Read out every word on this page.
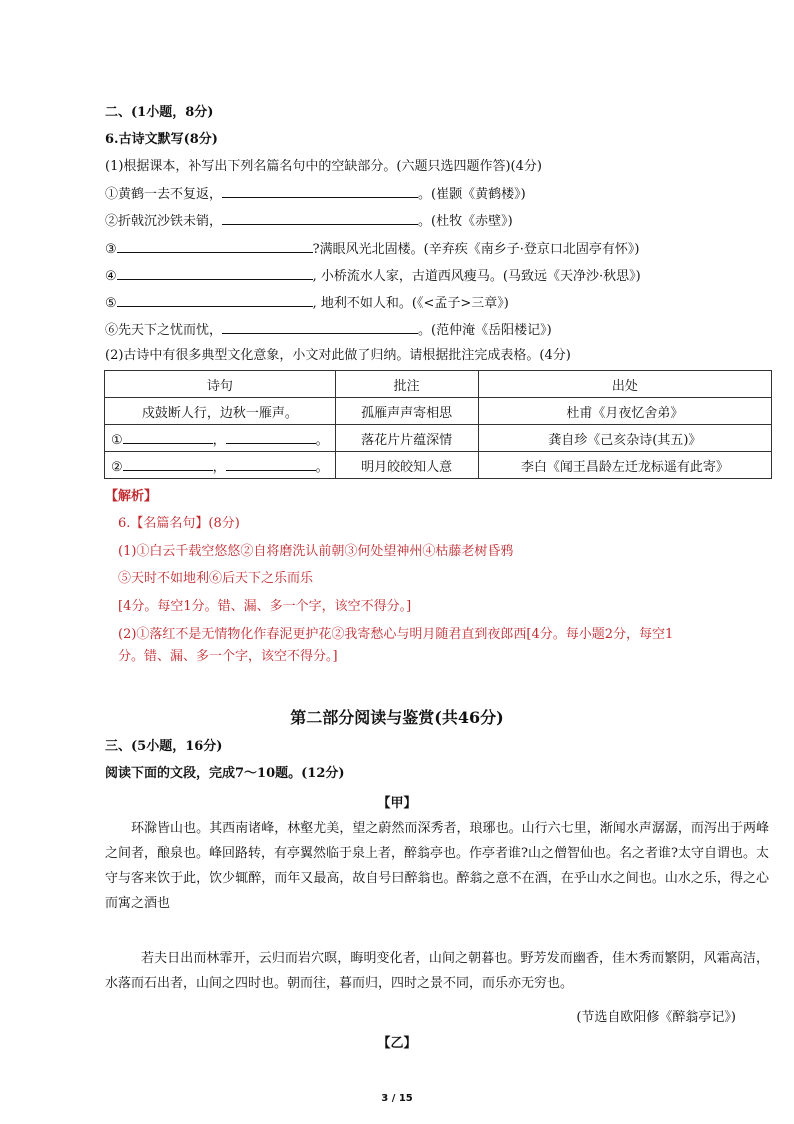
二、(1小题，8分)
6.古诗文默写(8分)
(1)根据课本，补写出下列名篇名句中的空缺部分。(六题只选四题作答)(4分)
①黄鹤一去不复返，	。(崔颢《黄鹤楼》)
②折戟沉沙铁未销，	。(杜牧《赤壁》)
③	?满眼风光北固楼。(辛弃疾《南乡子·登京口北固亭有怀》)
④	, 小桥流水人家，古道西风瘦马。(马致远《天净沙·秋思》)
⑤	, 地利不如人和。(《<孟子>三章》)
⑥先天下之忧而忧，	。(范仲淹《岳阳楼记》)
(2)古诗中有很多典型文化意象，小文对此做了归纳。请根据批注完成表格。(4分)
诗句	批注	出处
戍鼓断人行，边秋一雁声。	孤雁声声寄相思	杜甫《月夜忆舍弟》
① ， 。	落花片片蕴深情	龚自珍《己亥杂诗(其五)》
② ， 。	明月皎皎知人意	李白《闻王昌龄左迁龙标遥有此寄》
【解析】
6.【名篇名句】(8分)
(1)①白云千载空悠悠②自将磨洗认前朝③何处望神州④枯藤老树昏鸦
⑤天时不如地利⑥后天下之乐而乐
[4分。每空1分。错、漏、多一个字，该空不得分。]
(2)①落红不是无情物化作春泥更护花②我寄愁心与明月随君直到夜郎西[4分。每小题2分，每空1
分。错、漏、多一个字，该空不得分。]
第二部分阅读与鉴赏(共46分)
三、(5小题，16分)
阅读下面的文段，完成7～10题。(12分)
【甲】
环滁皆山也。其西南诸峰，林壑尤美，望之蔚然而深秀者，琅琊也。山行六七里，渐闻水声潺潺，而泻出于两峰之间者，酿泉也。峰回路转，有亭翼然临于泉上者，醉翁亭也。作亭者谁?山之僧智仙也。名之者谁?太守自谓也。太守与客来饮于此，饮少辄醉，而年又最高，故自号曰醉翁也。醉翁之意不在酒，在乎山水之间也。山水之乐，得之心而寓之酒也
若夫日出而林霏开，云归而岩穴暝，晦明变化者，山间之朝暮也。野芳发而幽香，佳木秀而繁阴，风霜高洁，水落而石出者，山间之四时也。朝而往，暮而归，四时之景不同，而乐亦无穷也。
(节选自欧阳修《醉翁亭记》)
【乙】
3 / 15
